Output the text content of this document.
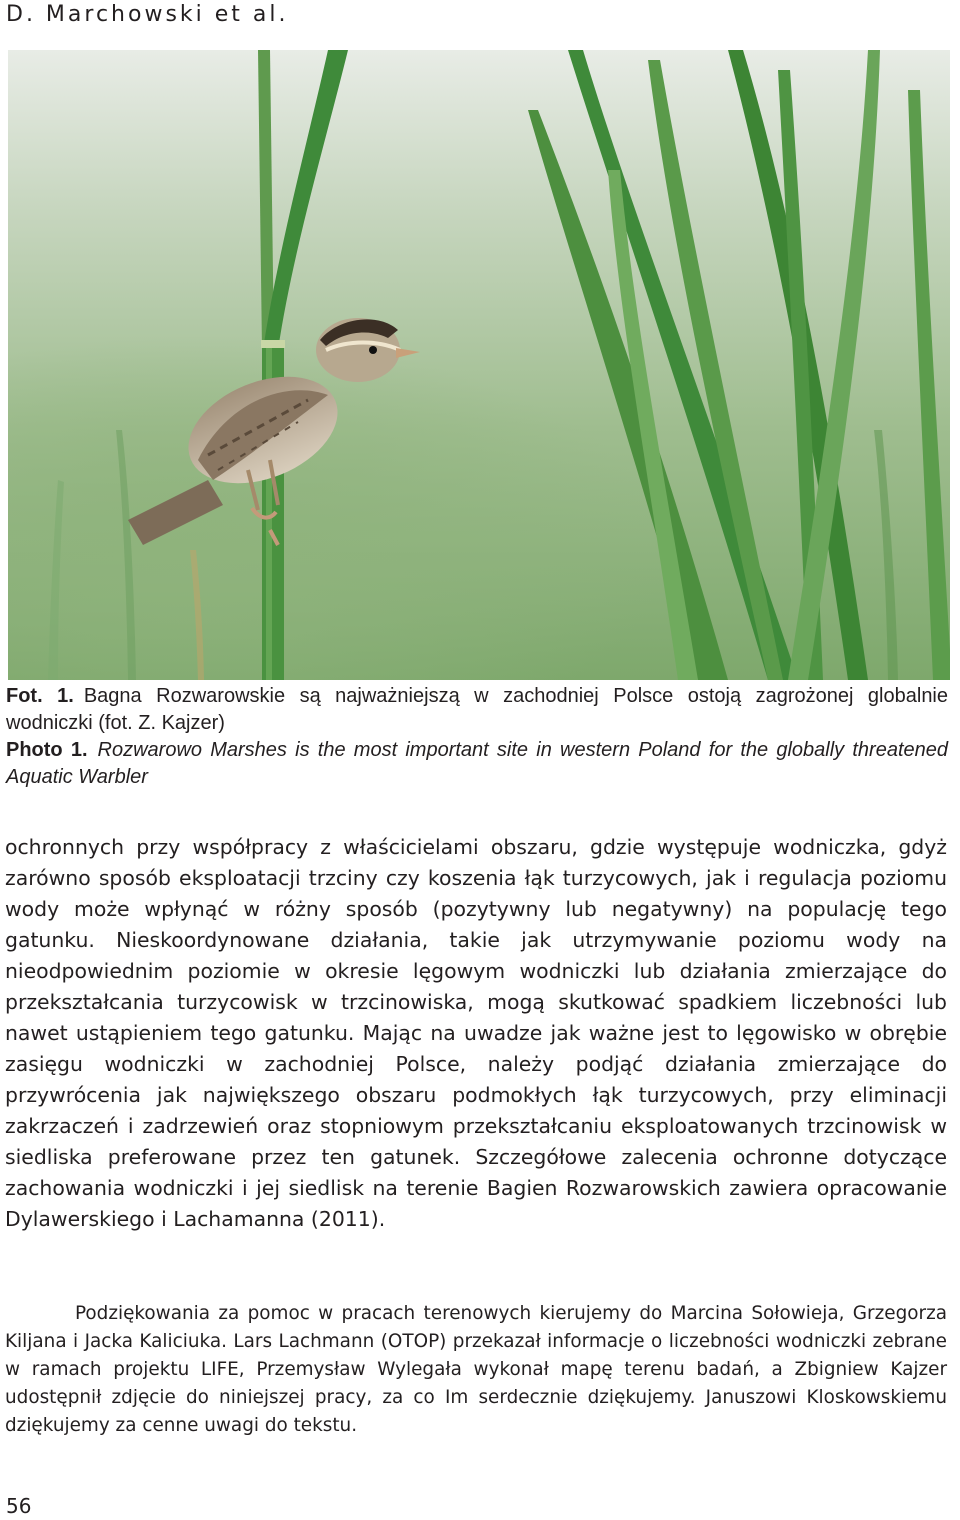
D. Marchowski et al.
Fot. 1. Bagna Rozwarowskie są najważniejszą w zachodniej Polsce ostoją zagrożonej globalnie wodniczki (fot. Z. Kajzer)
Photo 1. Rozwarowo Marshes is the most important site in western Poland for the globally threatened Aquatic Warbler

ochronnych przy współpracy z właścicielami obszaru, gdzie występuje wodniczka, gdyż zarówno sposób eksploatacji trzciny czy koszenia łąk turzycowych, jak i regulacja poziomu wody może wpłynąć w różny sposób (pozytywny lub negatywny) na populację tego gatunku. Nieskoordynowane działania, takie jak utrzymywanie poziomu wody na nieodpowiednim poziomie w okresie lęgowym wodniczki lub działania zmierzające do przekształcania turzycowisk w trzcinowiska, mogą skutkować spadkiem liczebności lub nawet ustąpieniem tego gatunku. Mając na uwadze jak ważne jest to lęgowisko w obrębie zasięgu wodniczki w zachodniej Polsce, należy podjąć działania zmierzające do przywrócenia jak największego obszaru podmokłych łąk turzycowych, przy eliminacji zakrzaczeń i zadrzewień oraz stopniowym przekształcaniu eksploatowanych trzcinowisk w siedliska preferowane przez ten gatunek. Szczegółowe zalecenia ochronne dotyczące zachowania wodniczki i jej siedlisk na terenie Bagien Rozwarowskich zawiera opracowanie Dylawerskiego i Lachamanna (2011).

Podziękowania za pomoc w pracach terenowych kierujemy do Marcina Sołowieja, Grzegorza Kiljana i Jacka Kaliciuka. Lars Lachmann (OTOP) przekazał informacje o liczebności wodniczki zebrane w ramach projektu LIFE, Przemysław Wylegała wykonał mapę terenu badań, a Zbigniew Kajzer udostępnił zdjęcie do niniejszej pracy, za co Im serdecznie dziękujemy. Januszowi Kloskowskiemu dziękujemy za cenne uwagi do tekstu.

56
